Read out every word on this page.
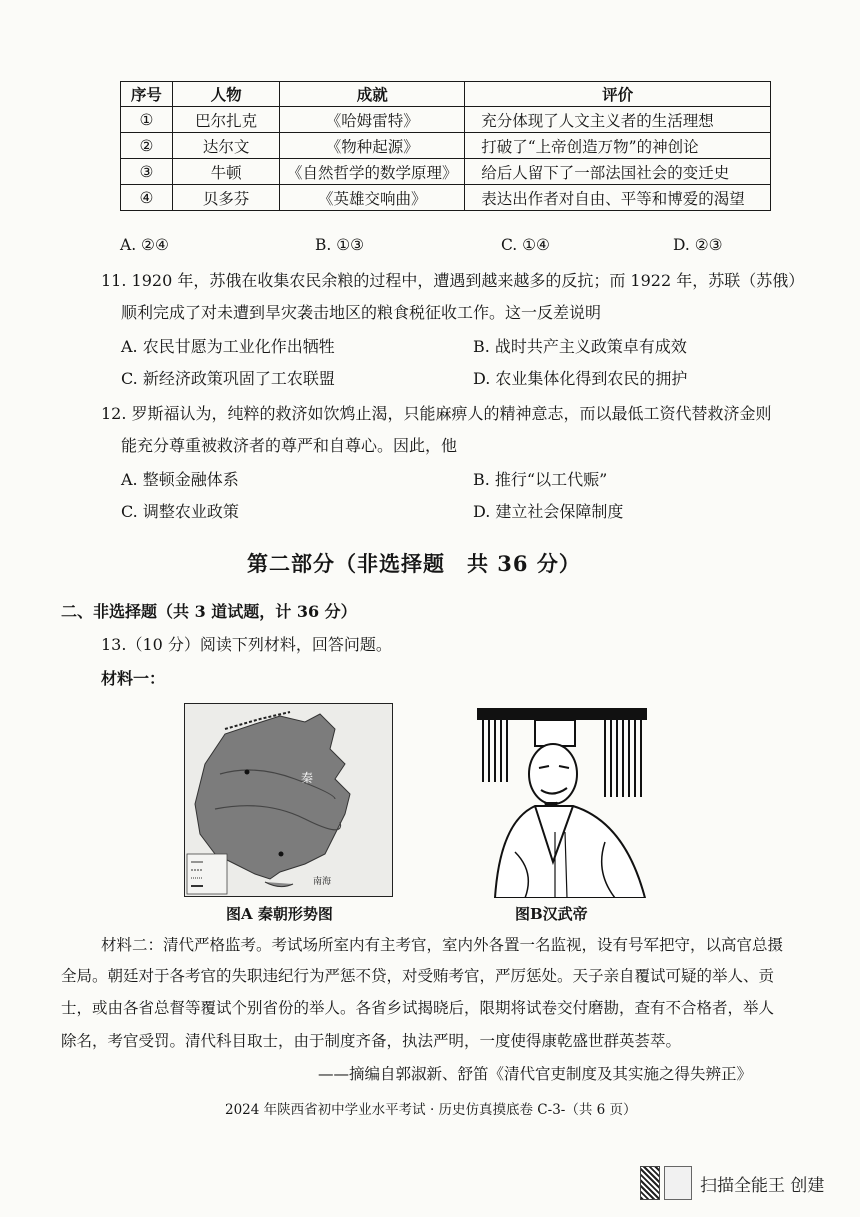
序号	人物	成就	评价
①	巴尔扎克	《哈姆雷特》	充分体现了人文主义者的生活理想
②	达尔文	《物种起源》	打破了“上帝创造万物”的神创论
③	牛顿	《自然哲学的数学原理》	给后人留下了一部法国社会的变迁史
④	贝多芬	《英雄交响曲》	表达出作者对自由、平等和博爱的渴望
A. ②④	B. ①③	C. ①④	D. ②③
11. 1920 年，苏俄在收集农民余粮的过程中，遭遇到越来越多的反抗；而 1922 年，苏联（苏俄）
顺利完成了对未遭到旱灾袭击地区的粮食税征收工作。这一反差说明
A. 农民甘愿为工业化作出牺牲	B. 战时共产主义政策卓有成效
C. 新经济政策巩固了工农联盟	D. 农业集体化得到农民的拥护
12. 罗斯福认为，纯粹的救济如饮鸩止渴，只能麻痹人的精神意志，而以最低工资代替救济金则
能充分尊重被救济者的尊严和自尊心。因此，他
A. 整顿金融体系	B. 推行“以工代赈”
C. 调整农业政策	D. 建立社会保障制度
第二部分（非选择题　共 36 分）
二、非选择题（共 3 道试题，计 36 分）
13.（10 分）阅读下列材料，回答问题。
材料一：
秦
南海
图A 秦朝形势图	图B汉武帝
材料二：清代严格监考。考试场所室内有主考官，室内外各置一名监视，设有号军把守，以高官总摄
全局。朝廷对于各考官的失职违纪行为严惩不贷，对受贿考官，严厉惩处。天子亲自覆试可疑的举人、贡
士，或由各省总督等覆试个别省份的举人。各省乡试揭晓后，限期将试卷交付磨勘，查有不合格者，举人
除名，考官受罚。清代科目取士，由于制度齐备，执法严明，一度使得康乾盛世群英荟萃。
——摘编自郭淑新、舒笛《清代官吏制度及其实施之得失辨正》
2024 年陕西省初中学业水平考试 · 历史仿真摸底卷 C-3-（共 6 页）
扫描全能王 创建
